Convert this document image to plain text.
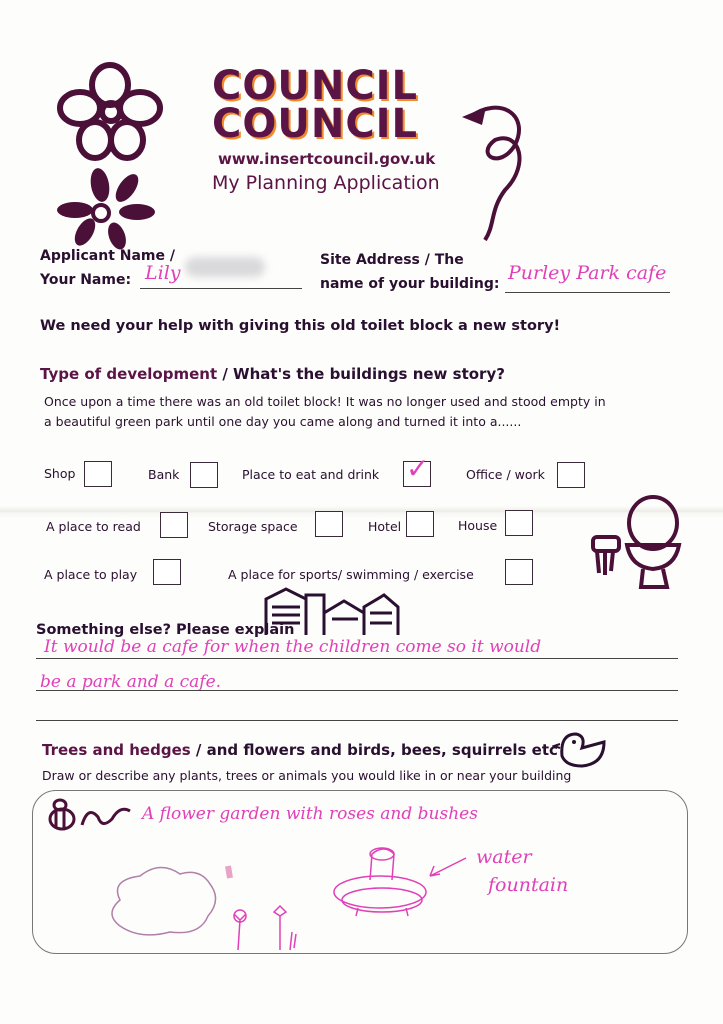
COUNCIL
COUNCIL
www.insertcouncil.gov.uk
My Planning Application
Applicant Name /
Your Name: Lily
Site Address / The
name of your building: Purley Park cafe
We need your help with giving this old toilet block a new story!
Type of development / What's the buildings new story?
Once upon a time there was an old toilet block! It was no longer used and stood empty in
a beautiful green park until one day you came along and turned it into a......
Shop	Bank	Place to eat and drink ✓	Office / work
A place to read	Storage space	Hotel	House
A place to play	A place for sports/ swimming / exercise
Something else? Please explain
It would be a cafe for when the children come so it would
be a park and a cafe.
Trees and hedges / and flowers and birds, bees, squirrels etc
Draw or describe any plants, trees or animals you would like in or near your building
A flower garden with roses and bushes
water
fountain
